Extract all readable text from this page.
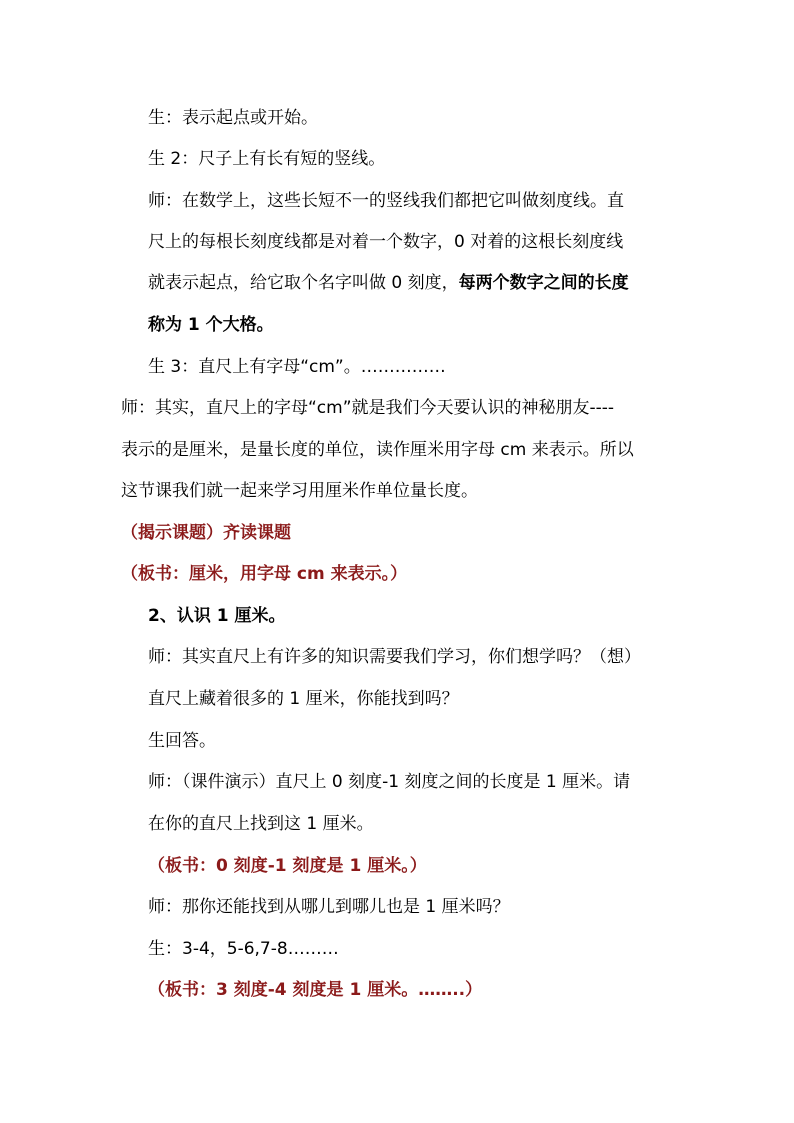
生：表示起点或开始。
生 2：尺子上有长有短的竖线。
师：在数学上，这些长短不一的竖线我们都把它叫做刻度线。直
尺上的每根长刻度线都是对着一个数字，0 对着的这根长刻度线
就表示起点，给它取个名字叫做 0 刻度，每两个数字之间的长度
称为 1 个大格。
生 3：直尺上有字母“cm”。……………
师：其实，直尺上的字母“cm”就是我们今天要认识的神秘朋友----
表示的是厘米，是量长度的单位，读作厘米用字母 cm 来表示。所以
这节课我们就一起来学习用厘米作单位量长度。
（揭示课题）齐读课题
（板书：厘米，用字母 cm 来表示。）
2、认识 1 厘米。
师：其实直尺上有许多的知识需要我们学习，你们想学吗？（想）
直尺上藏着很多的 1 厘米，你能找到吗？
生回答。
师：（课件演示）直尺上 0 刻度-1 刻度之间的长度是 1 厘米。请
在你的直尺上找到这 1 厘米。
（板书：0 刻度-1 刻度是 1 厘米。）
师：那你还能找到从哪儿到哪儿也是 1 厘米吗？
生：3-4，5-6,7-8………
（板书：3 刻度-4 刻度是 1 厘米。……..）
